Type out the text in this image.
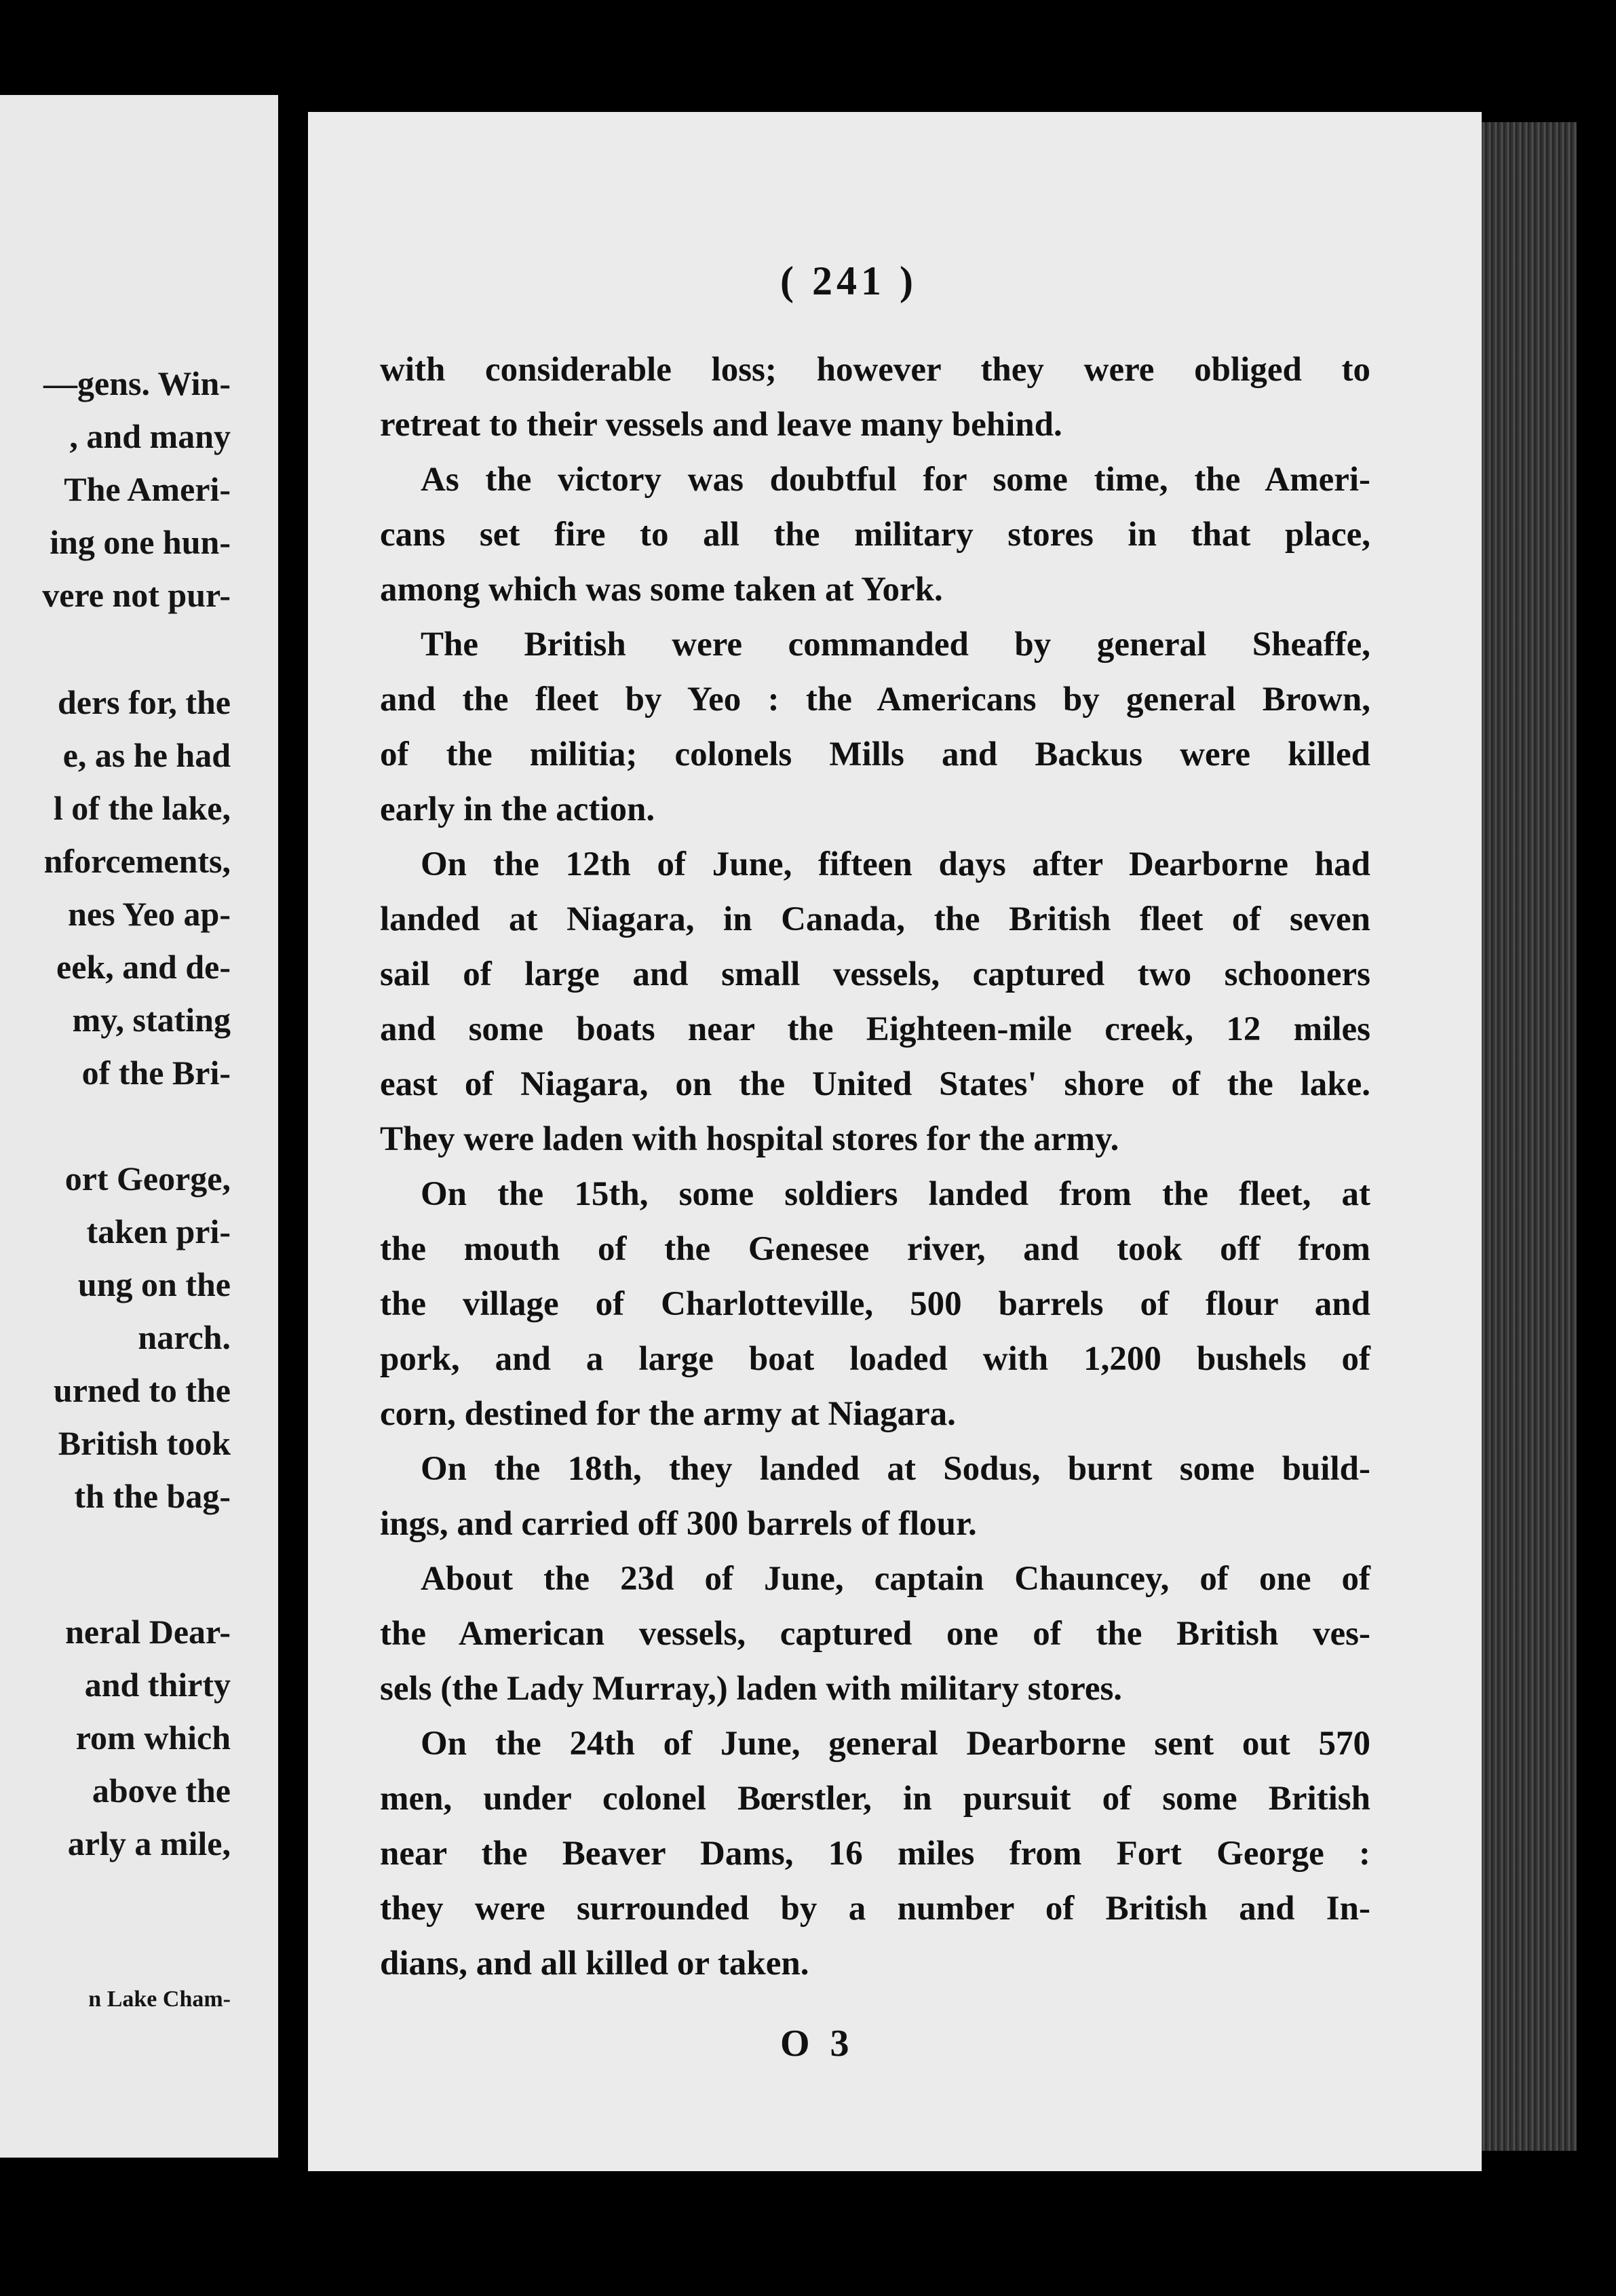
—gens. Win-
, and many
The Ameri-
ing one hun-
vere not pur-
ders for, the
e, as he had
l of the lake,
nforcements,
nes Yeo ap-
eek, and de-
my, stating
of the Bri-
ort George,
taken pri-
ung on the
narch.
urned to the
British took
th the bag-
neral Dear-
and thirty
rom which
above the
arly a mile,
n Lake Cham-
( 241 )
with considerable loss; however they were obliged to
retreat to their vessels and leave many behind.
As the victory was doubtful for some time, the Ameri-
cans set fire to all the military stores in that place,
among which was some taken at York.
The British were commanded by general Sheaffe,
and the fleet by Yeo : the Americans by general Brown,
of the militia; colonels Mills and Backus were killed
early in the action.
On the 12th of June, fifteen days after Dearborne had
landed at Niagara, in Canada, the British fleet of seven
sail of large and small vessels, captured two schooners
and some boats near the Eighteen-mile creek, 12 miles
east of Niagara, on the United States' shore of the lake.
They were laden with hospital stores for the army.
On the 15th, some soldiers landed from the fleet, at
the mouth of the Genesee river, and took off from
the village of Charlotteville, 500 barrels of flour and
pork, and a large boat loaded with 1,200 bushels of
corn, destined for the army at Niagara.
On the 18th, they landed at Sodus, burnt some build-
ings, and carried off 300 barrels of flour.
About the 23d of June, captain Chauncey, of one of
the American vessels, captured one of the British ves-
sels (the Lady Murray,) laden with military stores.
On the 24th of June, general Dearborne sent out 570
men, under colonel Bœrstler, in pursuit of some British
near the Beaver Dams, 16 miles from Fort George :
they were surrounded by a number of British and In-
dians, and all killed or taken.
O 3
